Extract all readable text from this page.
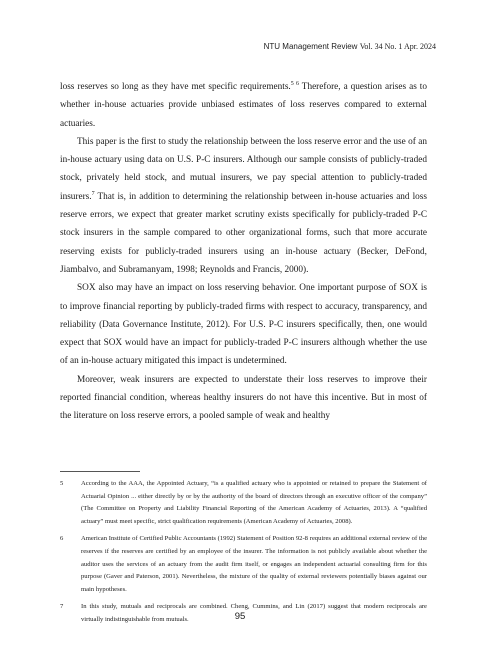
NTU Management Review Vol. 34 No. 1 Apr. 2024

loss reserves so long as they have met specific requirements.$^{5 6}$ Therefore, a question arises as to whether in-house actuaries provide unbiased estimates of loss reserves compared to external actuaries.

This paper is the first to study the relationship between the loss reserve error and the use of an in-house actuary using data on U.S. P-C insurers. Although our sample consists of publicly-traded stock, privately held stock, and mutual insurers, we pay special attention to publicly-traded insurers.$^7$ That is, in addition to determining the relationship between in-house actuaries and loss reserve errors, we expect that greater market scrutiny exists specifically for publicly-traded P-C stock insurers in the sample compared to other organizational forms, such that more accurate reserving exists for publicly-traded insurers using an in-house actuary (Becker, DeFond, Jiambalvo, and Subramanyam, 1998; Reynolds and Francis, 2000).

SOX also may have an impact on loss reserving behavior. One important purpose of SOX is to improve financial reporting by publicly-traded firms with respect to accuracy, transparency, and reliability (Data Governance Institute, 2012). For U.S. P-C insurers specifically, then, one would expect that SOX would have an impact for publicly-traded P-C insurers although whether the use of an in-house actuary mitigated this impact is undetermined.

Moreover, weak insurers are expected to understate their loss reserves to improve their reported financial condition, whereas healthy insurers do not have this incentive. But in most of the literature on loss reserve errors, a pooled sample of weak and healthy

5	According to the AAA, the Appointed Actuary, “is a qualified actuary who is appointed or retained to prepare the Statement of Actuarial Opinion ... either directly by or by the authority of the board of directors through an executive officer of the company” (The Committee on Property and Liability Financial Reporting of the American Academy of Actuaries, 2013). A “qualified actuary” must meet specific, strict qualification requirements (American Academy of Actuaries, 2008).
6	American Institute of Certified Public Accountants (1992) Statement of Position 92-8 requires an additional external review of the reserves if the reserves are certified by an employee of the insurer. The information is not publicly available about whether the auditor uses the services of an actuary from the audit firm itself, or engages an independent actuarial consulting firm for this purpose (Gaver and Paterson, 2001). Nevertheless, the mixture of the quality of external reviewers potentially biases against our main hypotheses.
7	In this study, mutuals and reciprocals are combined. Cheng, Cummins, and Lin (2017) suggest that modern reciprocals are virtually indistinguishable from mutuals.	95
